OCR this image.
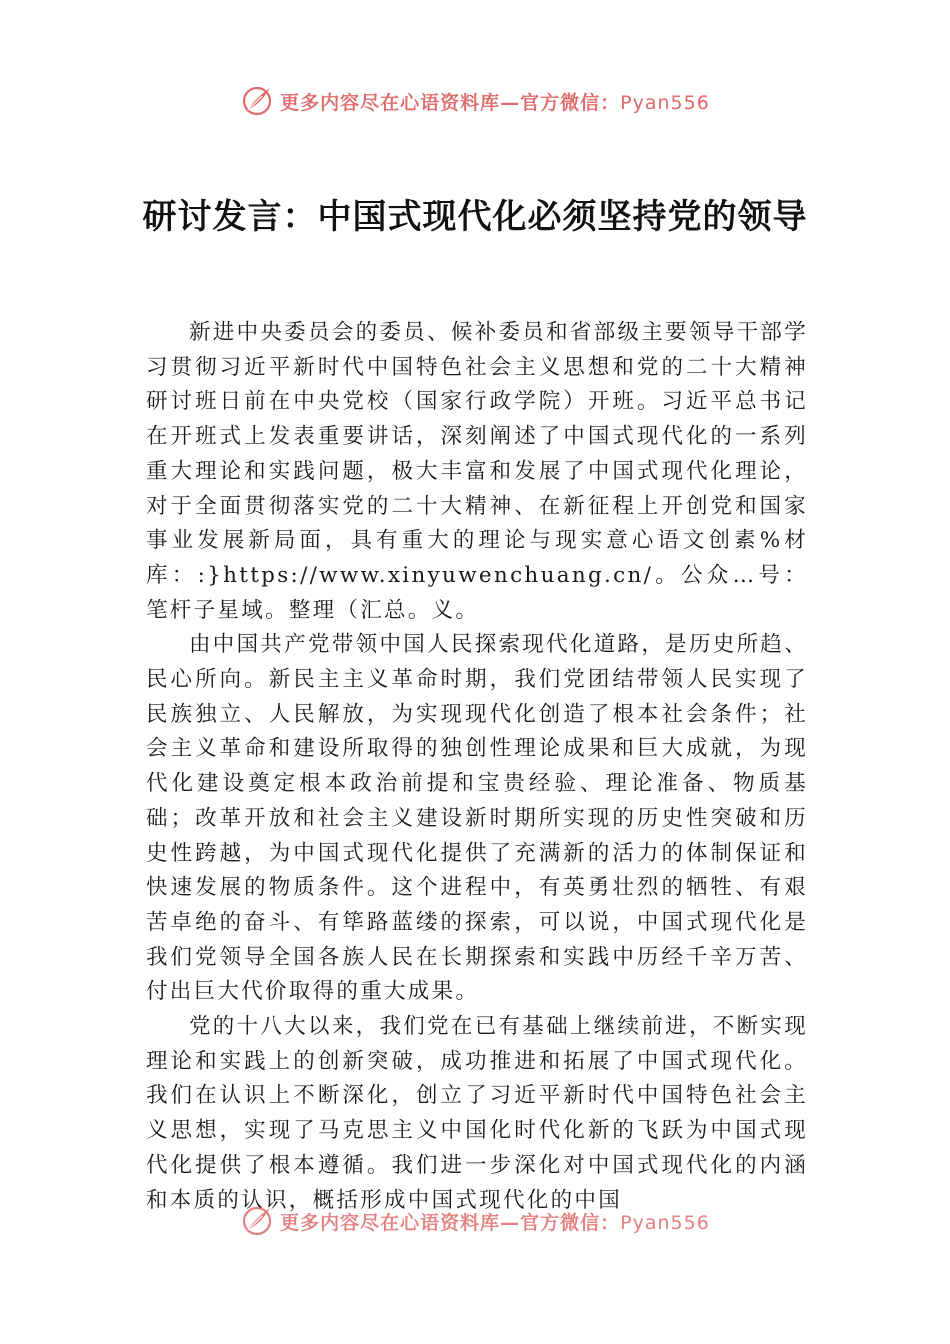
更多内容尽在心语资料库—官方微信：Pyan556
研讨发言：中国式现代化必须坚持党的领导

新进中央委员会的委员、候补委员和省部级主要领导干部学习贯彻习近平新时代中国特色社会主义思想和党的二十大精神研讨班日前在中央党校（国家行政学院）开班。习近平总书记在开班式上发表重要讲话，深刻阐述了中国式现代化的一系列重大理论和实践问题，极大丰富和发展了中国式现代化理论，对于全面贯彻落实党的二十大精神、在新征程上开创党和国家事业发展新局面，具有重大的理论与现实意心语文创素%材库：:}https://www.xinyuwenchuang.cn/。公众…号：笔杆子星域。整理（汇总。义。

由中国共产党带领中国人民探索现代化道路，是历史所趋、民心所向。新民主主义革命时期，我们党团结带领人民实现了民族独立、人民解放，为实现现代化创造了根本社会条件；社会主义革命和建设所取得的独创性理论成果和巨大成就，为现代化建设奠定根本政治前提和宝贵经验、理论准备、物质基础；改革开放和社会主义建设新时期所实现的历史性突破和历史性跨越，为中国式现代化提供了充满新的活力的体制保证和快速发展的物质条件。这个进程中，有英勇壮烈的牺牲、有艰苦卓绝的奋斗、有筚路蓝缕的探索，可以说，中国式现代化是我们党领导全国各族人民在长期探索和实践中历经千辛万苦、付出巨大代价取得的重大成果。

党的十八大以来，我们党在已有基础上继续前进，不断实现理论和实践上的创新突破，成功推进和拓展了中国式现代化。我们在认识上不断深化，创立了习近平新时代中国特色社会主义思想，实现了马克思主义中国化时代化新的飞跃为中国式现代化提供了根本遵循。我们进一步深化对中国式现代化的内涵和本质的认识，概括形成中国式现代化的中国

更多内容尽在心语资料库—官方微信：Pyan556
